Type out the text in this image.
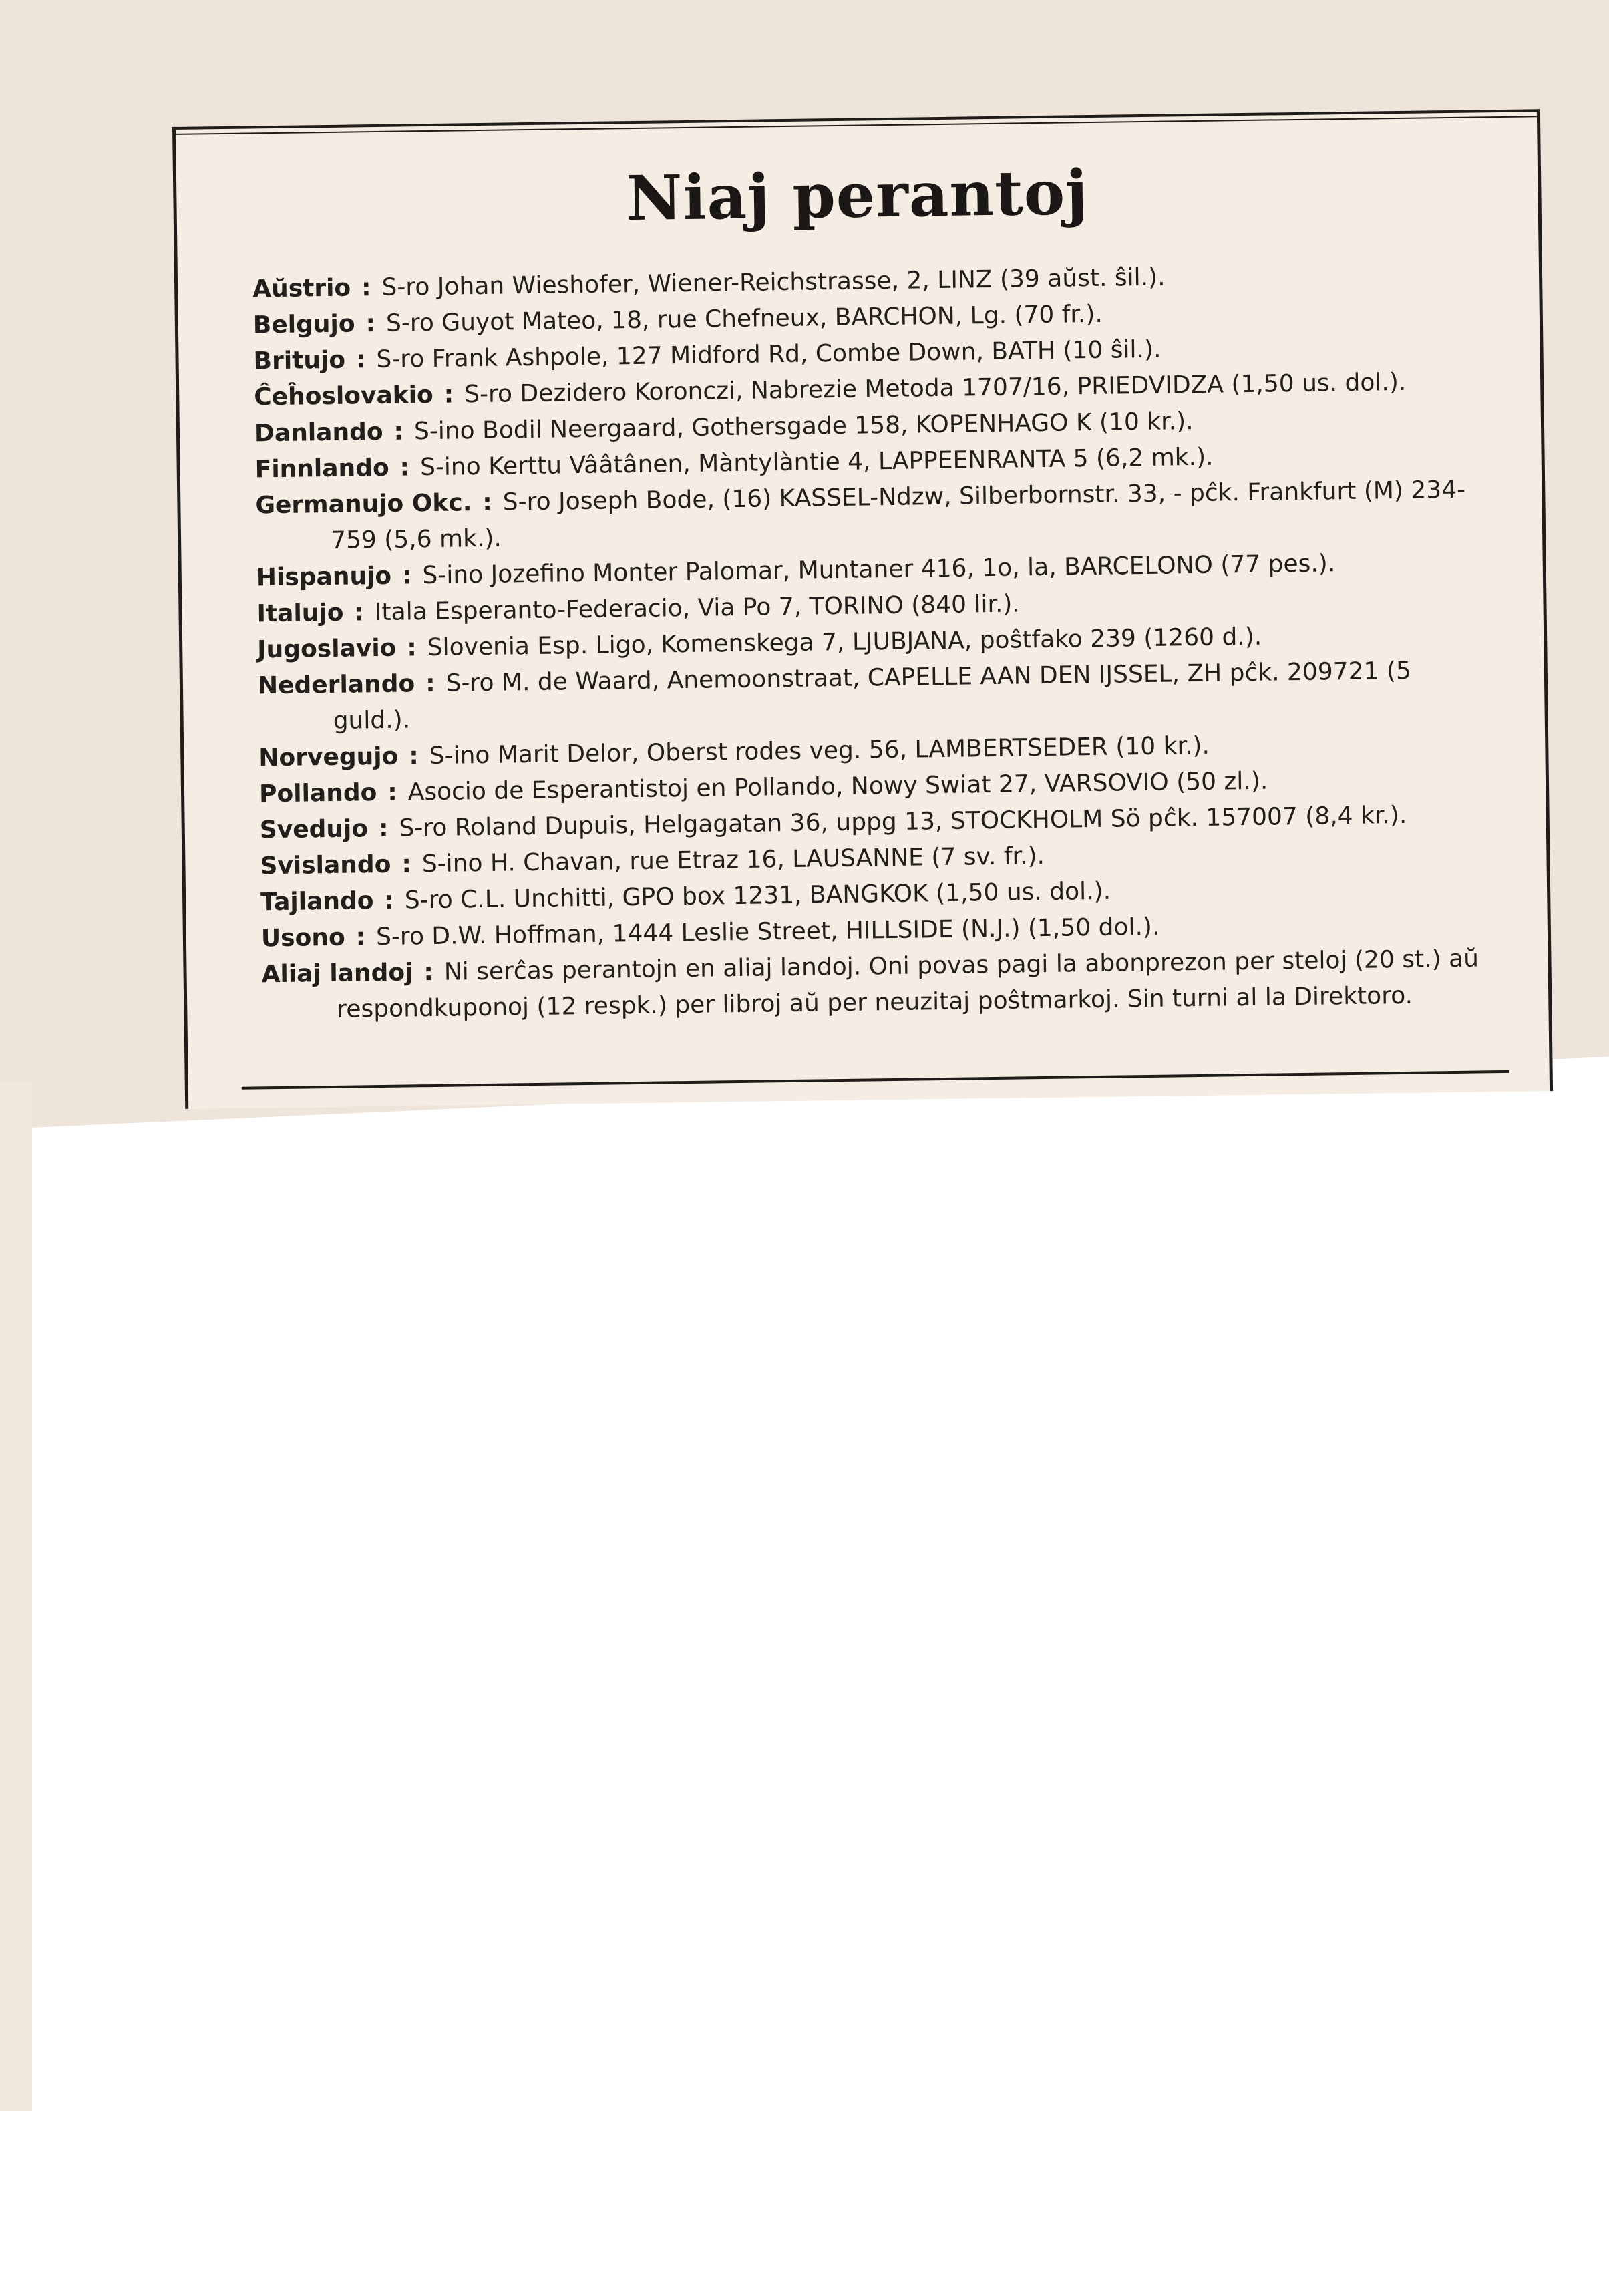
Niaj perantoj
Aŭstrio : S-ro Johan Wieshofer, Wiener-Reichstrasse, 2, LINZ (39 aŭst. ŝil.).
Belgujo : S-ro Guyot Mateo, 18, rue Chefneux, BARCHON, Lg. (70 fr.).
Britujo : S-ro Frank Ashpole, 127 Midford Rd, Combe Down, BATH (10 ŝil.).
Ĉeĥoslovakio : S-ro Dezidero Koronczi, Nabrezie Metoda 1707/16, PRIEDVIDZA (1,50 us. dol.).
Danlando : S-ino Bodil Neergaard, Gothersgade 158, KOPENHAGO K (10 kr.).
Finnlando : S-ino Kerttu Vââtânen, Màntylàntie 4, LAPPEENRANTA 5 (6,2 mk.).
Germanujo Okc. : S-ro Joseph Bode, (16) KASSEL-Ndzw, Silberbornstr. 33, - pĉk. Frankfurt (M) 234-759 (5,6 mk.).
Hispanujo : S-ino Jozefino Monter Palomar, Muntaner 416, 1o, la, BARCELONO (77 pes.).
Italujo : Itala Esperanto-Federacio, Via Po 7, TORINO (840 lir.).
Jugoslavio : Slovenia Esp. Ligo, Komenskega 7, LJUBJANA, poŝtfako 239 (1260 d.).
Nederlando : S-ro M. de Waard, Anemoonstraat, CAPELLE AAN DEN IJSSEL, ZH pĉk. 209721 (5 guld.).
Norvegujo : S-ino Marit Delor, Oberst rodes veg. 56, LAMBERTSEDER (10 kr.).
Pollando : Asocio de Esperantistoj en Pollando, Nowy Swiat 27, VARSOVIO (50 zl.).
Svedujo : S-ro Roland Dupuis, Helgagatan 36, uppg 13, STOCKHOLM Sö pĉk. 157007 (8,4 kr.).
Svislando : S-ino H. Chavan, rue Etraz 16, LAUSANNE (7 sv. fr.).
Tajlando : S-ro C.L. Unchitti, GPO box 1231, BANGKOK (1,50 us. dol.).
Usono : S-ro D.W. Hoffman, 1444 Leslie Street, HILLSIDE (N.J.) (1,50 dol.).
Aliaj landoj : Ni serĉas perantojn en aliaj landoj. Oni povas pagi la abonprezon per steloj (20 st.) aŭ respondkuponoj (12 respk.) per libroj aŭ per neuzitaj poŝtmarkoj. Sin turni al la Direktoro.
